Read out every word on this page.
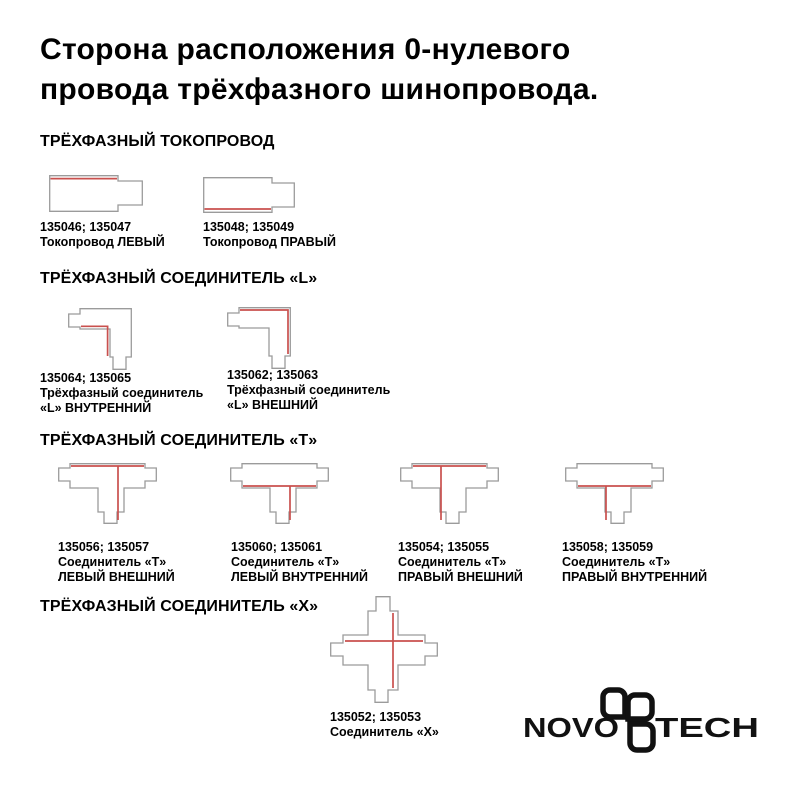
Сторона расположения 0-нулевого
провода трёхфазного шинопровода.
ТРЁХФАЗНЫЙ ТОКОПРОВОД
135046; 135047
Токопровод ЛЕВЫЙ
135048; 135049
Токопровод ПРАВЫЙ
ТРЁХФАЗНЫЙ СОЕДИНИТЕЛЬ «L»
135064; 135065
Трёхфазный соединитель
«L» ВНУТРЕННИЙ
135062; 135063
Трёхфазный соединитель
«L» ВНЕШНИЙ
ТРЁХФАЗНЫЙ СОЕДИНИТЕЛЬ «Т»
135056; 135057
Соединитель «Т»
ЛЕВЫЙ ВНЕШНИЙ
135060; 135061
Соединитель «Т»
ЛЕВЫЙ ВНУТРЕННИЙ
135054; 135055
Соединитель «Т»
ПРАВЫЙ ВНЕШНИЙ
135058; 135059
Соединитель «Т»
ПРАВЫЙ ВНУТРЕННИЙ
ТРЁХФАЗНЫЙ СОЕДИНИТЕЛЬ «Х»
135052; 135053
Соединитель «Х»	NOVO TECH
